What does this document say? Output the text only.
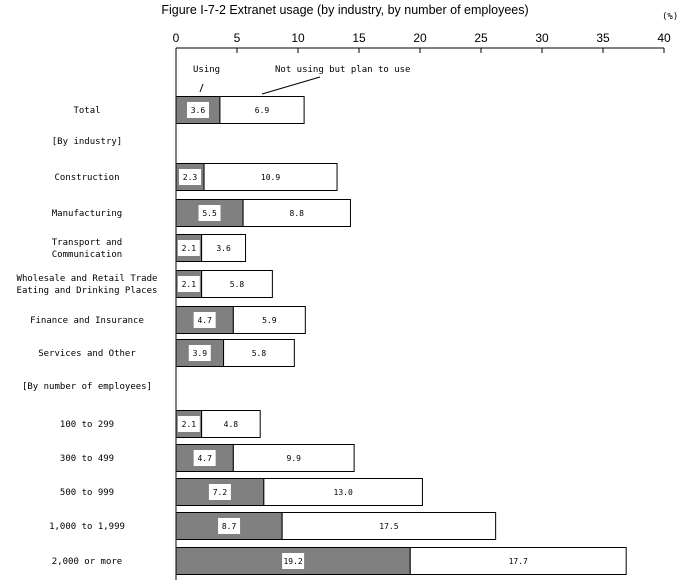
Figure I-7-2 Extranet usage (by industry, by number of employees)	(%)
0	5	10	15	20	25	30	35	40
Using	Not using but plan to use
Total	3.6	6.9
[By industry]
Construction	2.3	10.9
Manufacturing	5.5	8.8
Transport and
Communication
2.1	3.6
Wholesale and Retail Trade
Eating and Drinking Places
2.1	5.8
Finance and Insurance	4.7	5.9
Services and Other	3.9	5.8
[By number of employees]
100 to 299	2.1	4.8
300 to 499	4.7	9.9
500 to 999	7.2	13.0
1,000 to 1,999	8.7	17.5
2,000 or more	19.2	17.7
